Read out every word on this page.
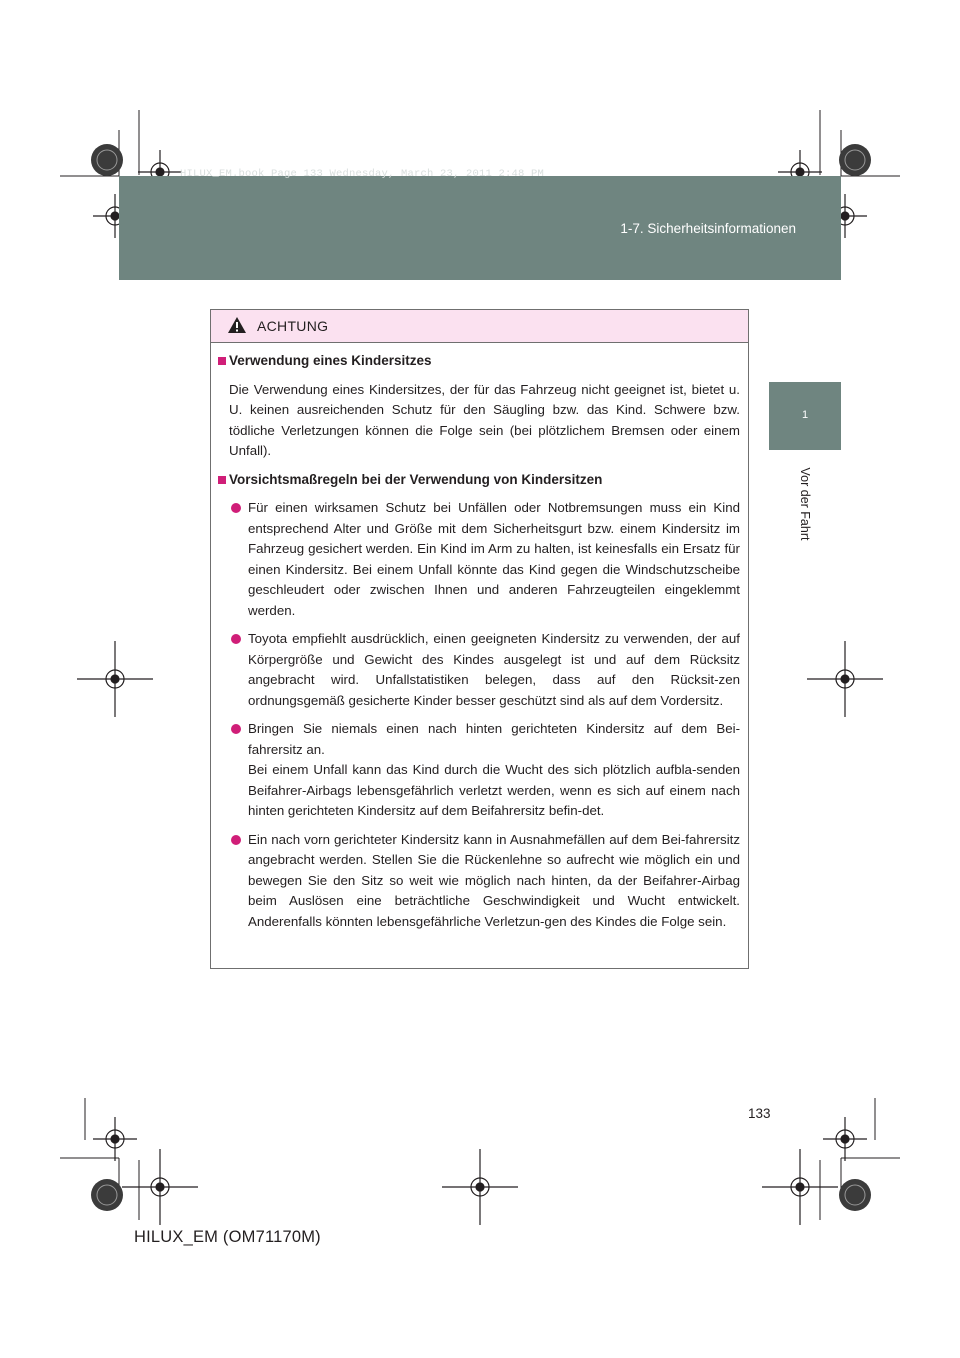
HILUX_EM.book Page 133 Wednesday, March 23, 2011 2:48 PM
1-7. Sicherheitsinformationen
1
Vor der Fahrt
ACHTUNG
Verwendung eines Kindersitzes
Die Verwendung eines Kindersitzes, der für das Fahrzeug nicht geeignet ist, bietet u. U. keinen ausreichenden Schutz für den Säugling bzw. das Kind. Schwere bzw. tödliche Verletzungen können die Folge sein (bei plötzlichem Bremsen oder einem Unfall).
Vorsichtsmaßregeln bei der Verwendung von Kindersitzen
Für einen wirksamen Schutz bei Unfällen oder Notbremsungen muss ein Kind entsprechend Alter und Größe mit dem Sicherheitsgurt bzw. einem Kindersitz im Fahrzeug gesichert werden. Ein Kind im Arm zu halten, ist keinesfalls ein Ersatz für einen Kindersitz. Bei einem Unfall könnte das Kind gegen die Windschutzscheibe geschleudert oder zwischen Ihnen und anderen Fahrzeugteilen eingeklemmt werden.
Toyota empfiehlt ausdrücklich, einen geeigneten Kindersitz zu verwenden, der auf Körpergröße und Gewicht des Kindes ausgelegt ist und auf dem Rücksitz angebracht wird. Unfallstatistiken belegen, dass auf den Rücksit-zen ordnungsgemäß gesicherte Kinder besser geschützt sind als auf dem Vordersitz.
Bringen Sie niemals einen nach hinten gerichteten Kindersitz auf dem Bei-fahrersitz an.
Bei einem Unfall kann das Kind durch die Wucht des sich plötzlich aufbla-senden Beifahrer-Airbags lebensgefährlich verletzt werden, wenn es sich auf einem nach hinten gerichteten Kindersitz auf dem Beifahrersitz befin-det.
Ein nach vorn gerichteter Kindersitz kann in Ausnahmefällen auf dem Bei-fahrersitz angebracht werden. Stellen Sie die Rückenlehne so aufrecht wie möglich ein und bewegen Sie den Sitz so weit wie möglich nach hinten, da der Beifahrer-Airbag beim Auslösen eine beträchtliche Geschwindigkeit und Wucht entwickelt. Anderenfalls könnten lebensgefährliche Verletzun-gen des Kindes die Folge sein.
133
HILUX_EM (OM71170M)
